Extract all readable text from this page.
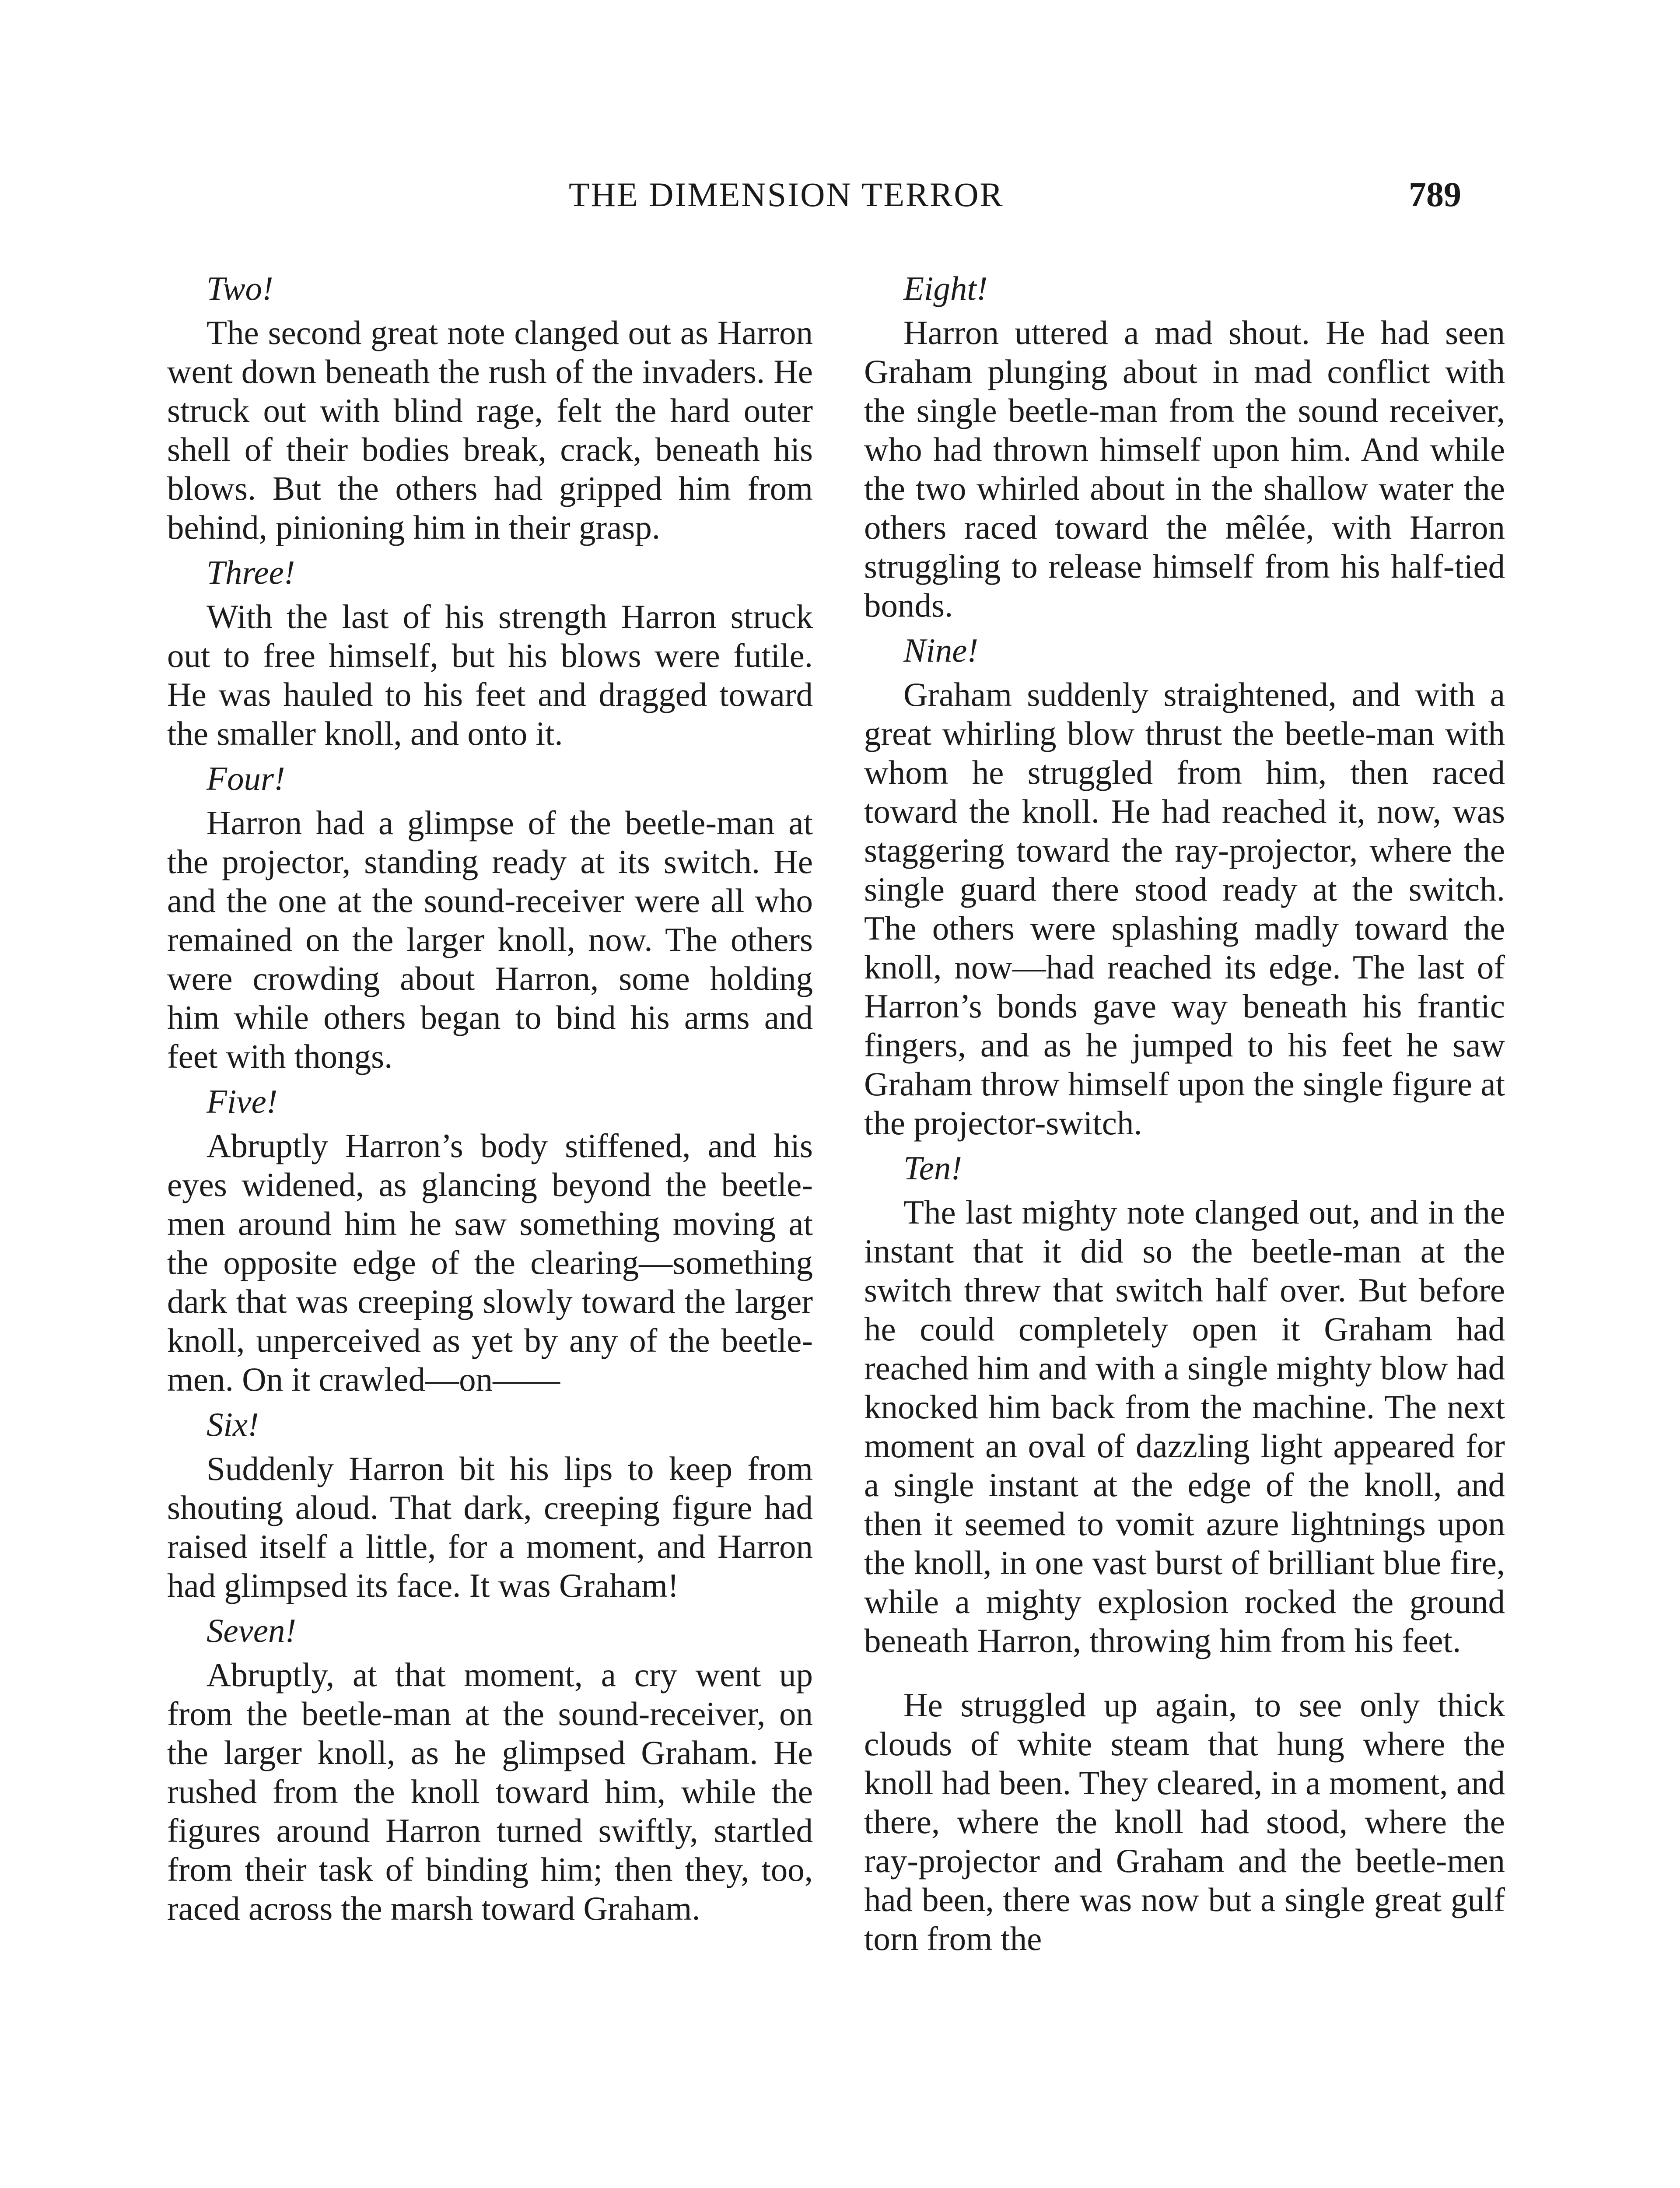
THE DIMENSION TERROR	789
Two!

The second great note clanged out as Harron went down beneath the rush of the invaders. He struck out with blind rage, felt the hard outer shell of their bodies break, crack, beneath his blows. But the others had gripped him from behind, pinioning him in their grasp.

Three!

With the last of his strength Harron struck out to free himself, but his blows were futile. He was hauled to his feet and dragged toward the smaller knoll, and onto it.

Four!

Harron had a glimpse of the beetle-man at the projector, standing ready at its switch. He and the one at the sound-receiver were all who remained on the larger knoll, now. The others were crowding about Harron, some holding him while others began to bind his arms and feet with thongs.

Five!

Abruptly Harron’s body stiffened, and his eyes widened, as glancing beyond the beetle-men around him he saw something moving at the opposite edge of the clearing—something dark that was creeping slowly toward the larger knoll, unperceived as yet by any of the beetle-men. On it crawled—on——

Six!

Suddenly Harron bit his lips to keep from shouting aloud. That dark, creeping figure had raised itself a little, for a moment, and Harron had glimpsed its face. It was Graham!

Seven!

Abruptly, at that moment, a cry went up from the beetle-man at the sound-receiver, on the larger knoll, as he glimpsed Graham. He rushed from the knoll toward him, while the figures around Harron turned swiftly, startled from their task of binding him; then they, too, raced across the marsh toward Graham.

Eight!

Harron uttered a mad shout. He had seen Graham plunging about in mad conflict with the single beetle-man from the sound receiver, who had thrown himself upon him. And while the two whirled about in the shallow water the others raced toward the mêlée, with Harron struggling to release himself from his half-tied bonds.

Nine!

Graham suddenly straightened, and with a great whirling blow thrust the beetle-man with whom he struggled from him, then raced toward the knoll. He had reached it, now, was staggering toward the ray-projector, where the single guard there stood ready at the switch. The others were splashing madly toward the knoll, now—had reached its edge. The last of Harron’s bonds gave way beneath his frantic fingers, and as he jumped to his feet he saw Graham throw himself upon the single figure at the projector-switch.

Ten!

The last mighty note clanged out, and in the instant that it did so the beetle-man at the switch threw that switch half over. But before he could completely open it Graham had reached him and with a single mighty blow had knocked him back from the machine. The next moment an oval of dazzling light appeared for a single instant at the edge of the knoll, and then it seemed to vomit azure lightnings upon the knoll, in one vast burst of brilliant blue fire, while a mighty explosion rocked the ground beneath Harron, throwing him from his feet.

He struggled up again, to see only thick clouds of white steam that hung where the knoll had been. They cleared, in a moment, and there, where the knoll had stood, where the ray-projector and Graham and the beetle-men had been, there was now but a single great gulf torn from the
